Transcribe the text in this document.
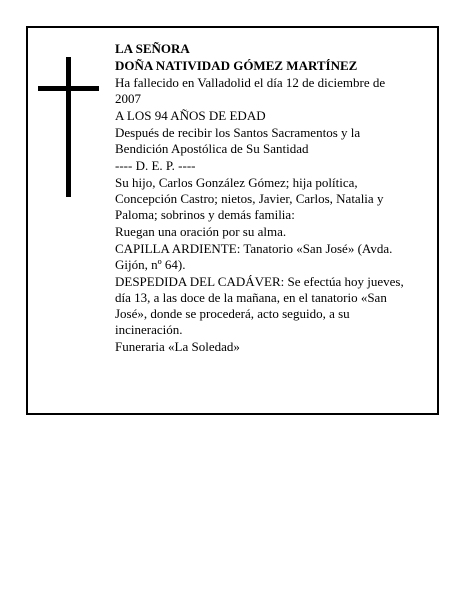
LA SEÑORA

DOÑA NATIVIDAD GÓMEZ MARTÍNEZ

Ha fallecido en Valladolid el día 12 de diciembre de 2007

A LOS 94 AÑOS DE EDAD

Después de recibir los Santos Sacramentos y la Bendición Apostólica de Su Santidad

---- D. E. P. ----

Su hijo, Carlos González Gómez; hija política, Concepción Castro; nietos, Javier, Carlos, Natalia y Paloma; sobrinos y demás familia:

Ruegan una oración por su alma.

CAPILLA ARDIENTE: Tanatorio «San José» (Avda. Gijón, nº 64).

DESPEDIDA DEL CADÁVER: Se efectúa hoy jueves, día 13, a las doce de la mañana, en el tanatorio «San José», donde se procederá, acto seguido, a su incineración.

Funeraria «La Soledad»
